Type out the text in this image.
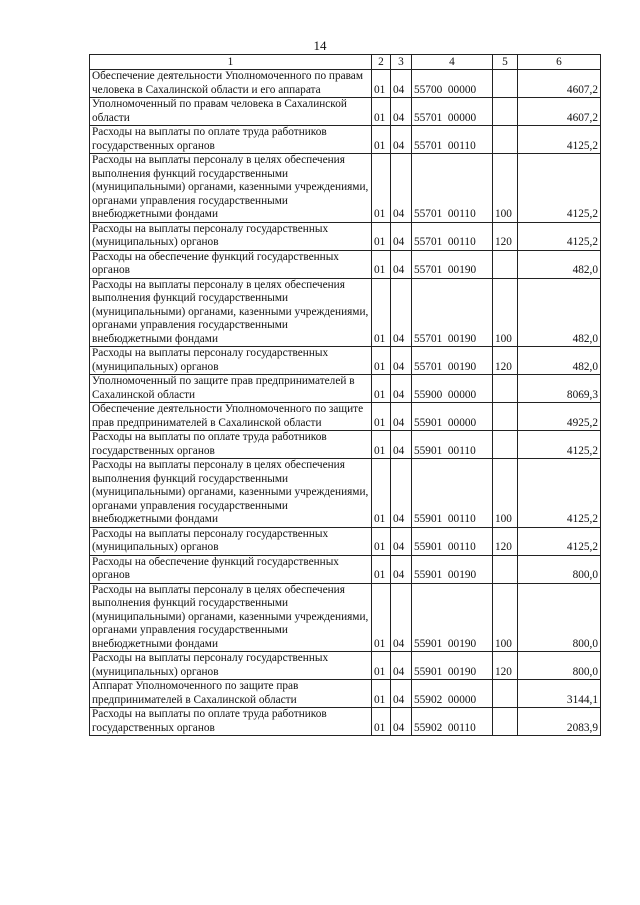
14
1	2	3	4	5	6
Обеспечение деятельности Уполномоченного по правам человека в Сахалинской области и его аппарата	01	04	55700  00000		4607,2
Уполномоченный по правам человека в Сахалинской области	01	04	55701  00000		4607,2
Расходы на выплаты по оплате труда работников государственных органов	01	04	55701  00110		4125,2
Расходы на выплаты персоналу в целях обеспечения выполнения функций государственными (муниципальными) органами, казенными учреждениями, органами управления государственными внебюджетными фондами	01	04	55701  00110	100	4125,2
Расходы на выплаты персоналу государственных (муниципальных) органов	01	04	55701  00110	120	4125,2
Расходы на обеспечение функций государственных органов	01	04	55701  00190		482,0
Расходы на выплаты персоналу в целях обеспечения выполнения функций государственными (муниципальными) органами, казенными учреждениями, органами управления государственными внебюджетными фондами	01	04	55701  00190	100	482,0
Расходы на выплаты персоналу государственных (муниципальных) органов	01	04	55701  00190	120	482,0
Уполномоченный по защите прав предпринимателей в Сахалинской области	01	04	55900  00000		8069,3
Обеспечение деятельности Уполномоченного по защите прав предпринимателей в Сахалинской области	01	04	55901  00000		4925,2
Расходы на выплаты по оплате труда работников государственных органов	01	04	55901  00110		4125,2
Расходы на выплаты персоналу в целях обеспечения выполнения функций государственными (муниципальными) органами, казенными учреждениями, органами управления государственными внебюджетными фондами	01	04	55901  00110	100	4125,2
Расходы на выплаты персоналу государственных (муниципальных) органов	01	04	55901  00110	120	4125,2
Расходы на обеспечение функций государственных органов	01	04	55901  00190		800,0
Расходы на выплаты персоналу в целях обеспечения выполнения функций государственными (муниципальными) органами, казенными учреждениями, органами управления государственными внебюджетными фондами	01	04	55901  00190	100	800,0
Расходы на выплаты персоналу государственных (муниципальных) органов	01	04	55901  00190	120	800,0
Аппарат Уполномоченного по защите прав предпринимателей в Сахалинской области	01	04	55902  00000		3144,1
Расходы на выплаты по оплате труда работников государственных органов	01	04	55902  00110		2083,9
